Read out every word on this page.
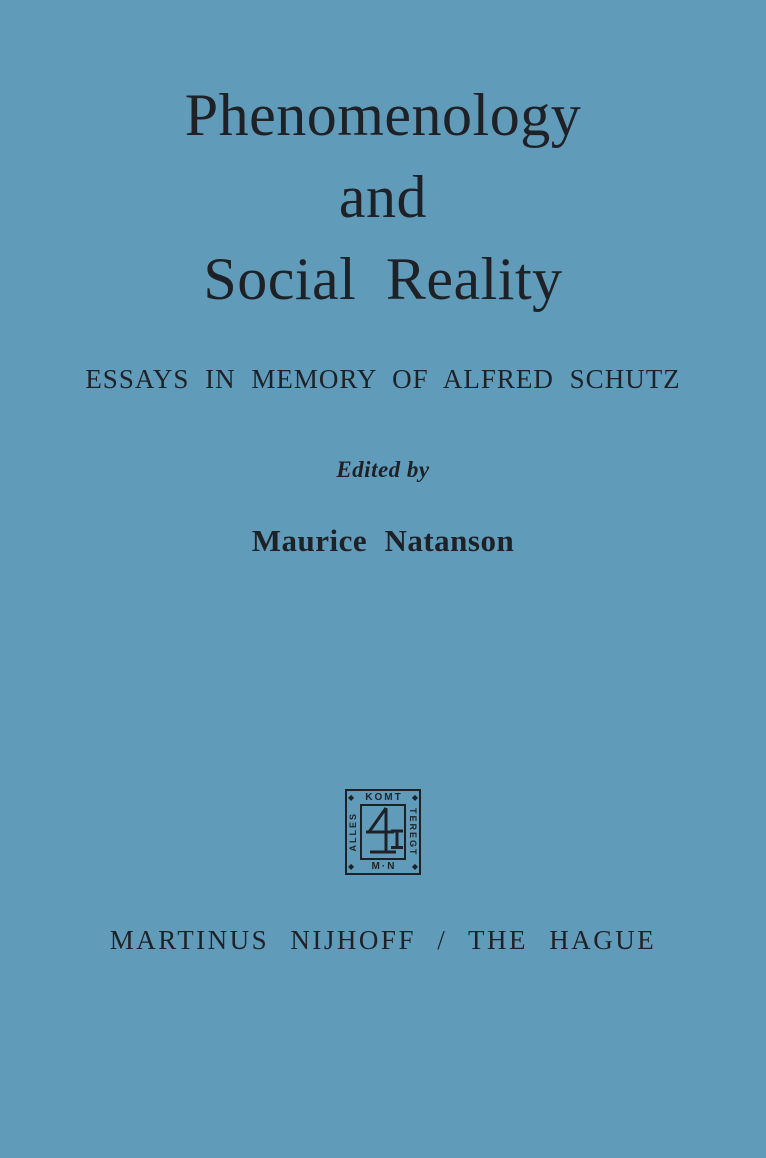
Phenomenology
and
Social Reality
ESSAYS IN MEMORY OF ALFRED SCHUTZ
Edited by
Maurice Natanson
◆ KOMT ◆
ALLES	TEREGT
◆ M·N ◆
MARTINUS NIJHOFF / THE HAGUE
